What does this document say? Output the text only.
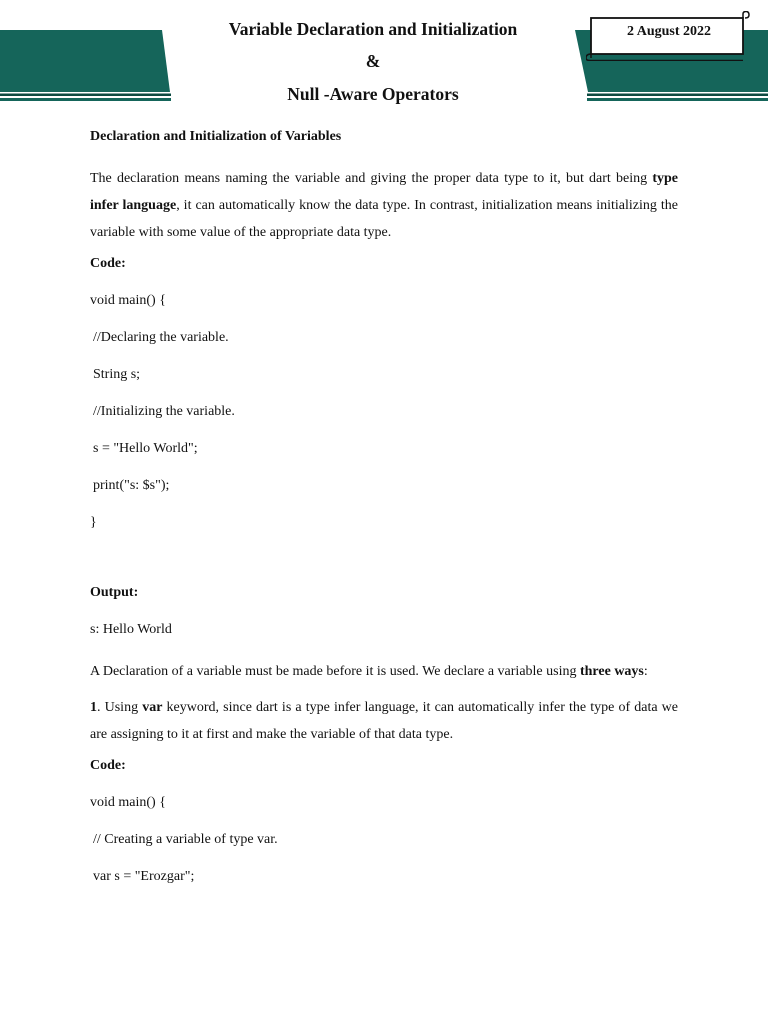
2 August 2022
Variable Declaration and Initialization
&
Null -Aware Operators

Declaration and Initialization of Variables

The declaration means naming the variable and giving the proper data type to it, but dart being type infer language, it can automatically know the data type. In contrast, initialization means initializing the variable with some value of the appropriate data type.

Code:

void main() {

//Declaring the variable.

String s;

//Initializing the variable.

s = "Hello World";

print("s: $s");

}

Output:

s: Hello World

A Declaration of a variable must be made before it is used. We declare a variable using three ways:

1. Using var keyword, since dart is a type infer language, it can automatically infer the type of data we are assigning to it at first and make the variable of that data type.

Code:

void main() {

// Creating a variable of type var.

var s = "Erozgar";
